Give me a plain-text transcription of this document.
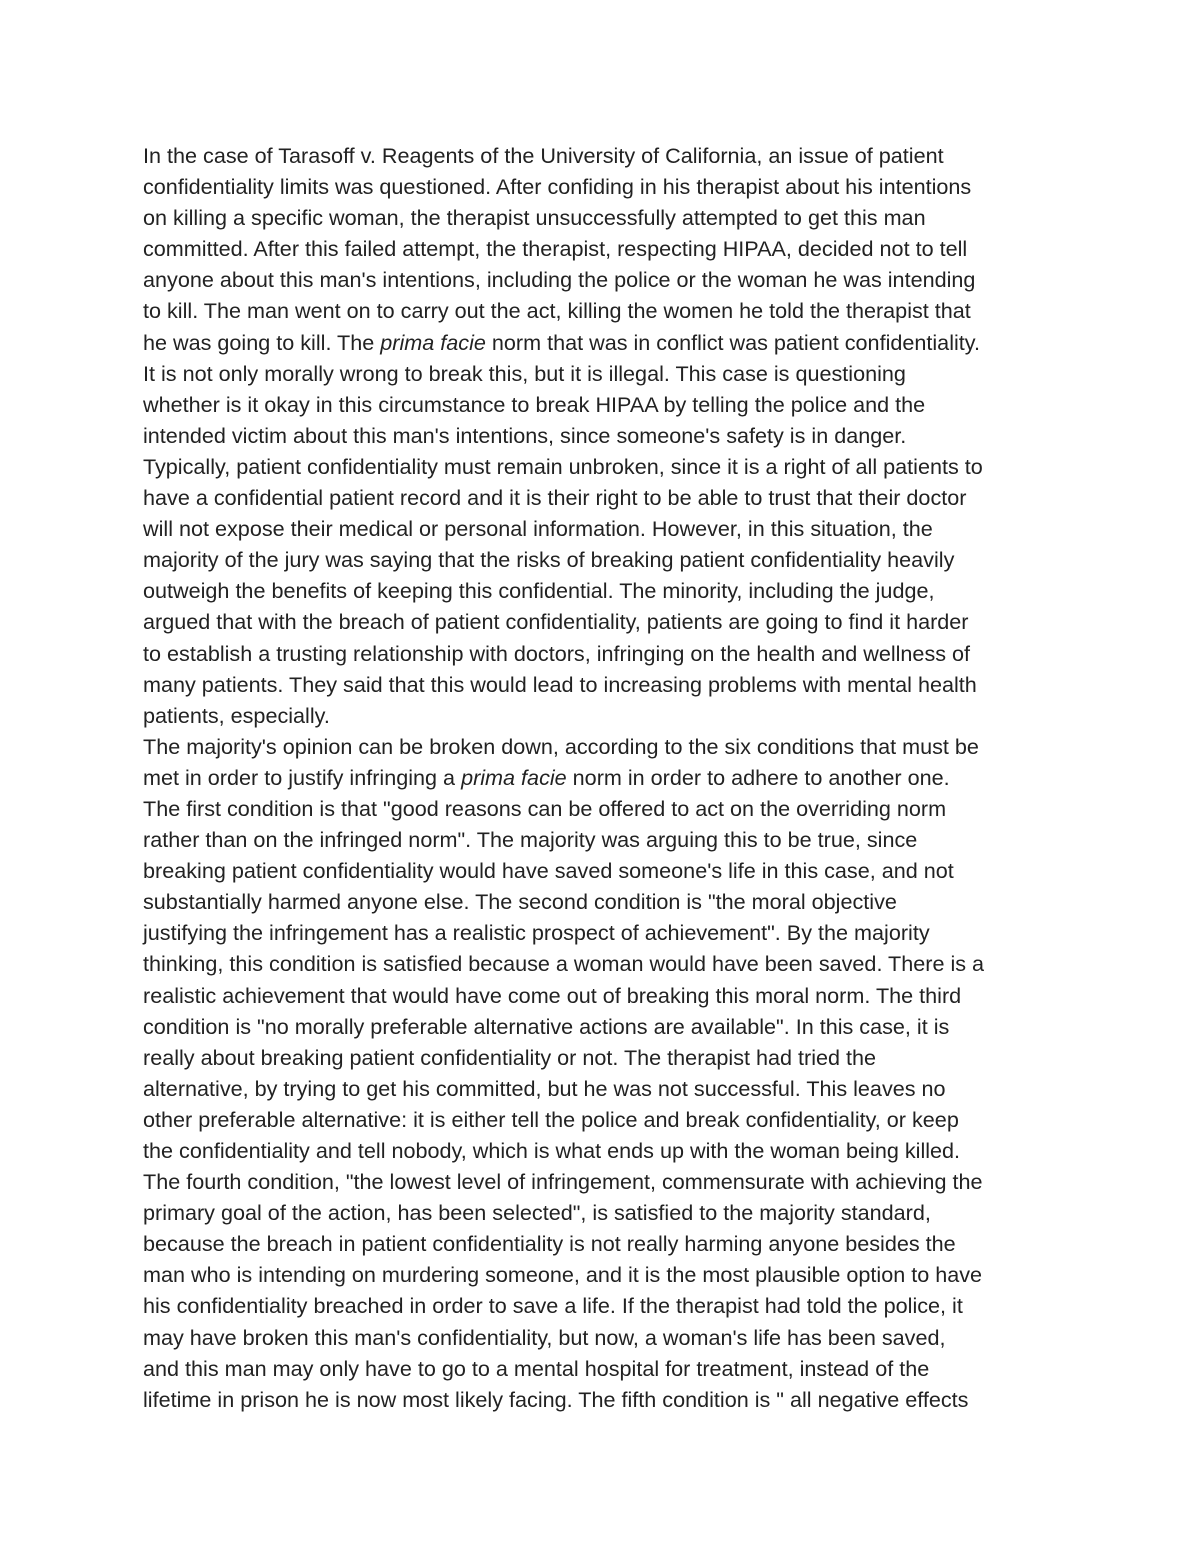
In the case of Tarasoff v. Reagents of the University of California, an issue of patient
confidentiality limits was questioned. After confiding in his therapist about his intentions
on killing a specific woman, the therapist unsuccessfully attempted to get this man
committed. After this failed attempt, the therapist, respecting HIPAA, decided not to tell
anyone about this man's intentions, including the police or the woman he was intending
to kill. The man went on to carry out the act, killing the women he told the therapist that
he was going to kill. The prima facie norm that was in conflict was patient confidentiality.
It is not only morally wrong to break this, but it is illegal. This case is questioning
whether is it okay in this circumstance to break HIPAA by telling the police and the
intended victim about this man's intentions, since someone's safety is in danger.
Typically, patient confidentiality must remain unbroken, since it is a right of all patients to
have a confidential patient record and it is their right to be able to trust that their doctor
will not expose their medical or personal information. However, in this situation, the
majority of the jury was saying that the risks of breaking patient confidentiality heavily
outweigh the benefits of keeping this confidential. The minority, including the judge,
argued that with the breach of patient confidentiality, patients are going to find it harder
to establish a trusting relationship with doctors, infringing on the health and wellness of
many patients. They said that this would lead to increasing problems with mental health
patients, especially.
The majority's opinion can be broken down, according to the six conditions that must be
met in order to justify infringing a prima facie norm in order to adhere to another one.
The first condition is that "good reasons can be offered to act on the overriding norm
rather than on the infringed norm". The majority was arguing this to be true, since
breaking patient confidentiality would have saved someone's life in this case, and not
substantially harmed anyone else. The second condition is "the moral objective
justifying the infringement has a realistic prospect of achievement". By the majority
thinking, this condition is satisfied because a woman would have been saved. There is a
realistic achievement that would have come out of breaking this moral norm. The third
condition is "no morally preferable alternative actions are available". In this case, it is
really about breaking patient confidentiality or not. The therapist had tried the
alternative, by trying to get his committed, but he was not successful. This leaves no
other preferable alternative: it is either tell the police and break confidentiality, or keep
the confidentiality and tell nobody, which is what ends up with the woman being killed.
The fourth condition, "the lowest level of infringement, commensurate with achieving the
primary goal of the action, has been selected", is satisfied to the majority standard,
because the breach in patient confidentiality is not really harming anyone besides the
man who is intending on murdering someone, and it is the most plausible option to have
his confidentiality breached in order to save a life. If the therapist had told the police, it
may have broken this man's confidentiality, but now, a woman's life has been saved,
and this man may only have to go to a mental hospital for treatment, instead of the
lifetime in prison he is now most likely facing. The fifth condition is " all negative effects
